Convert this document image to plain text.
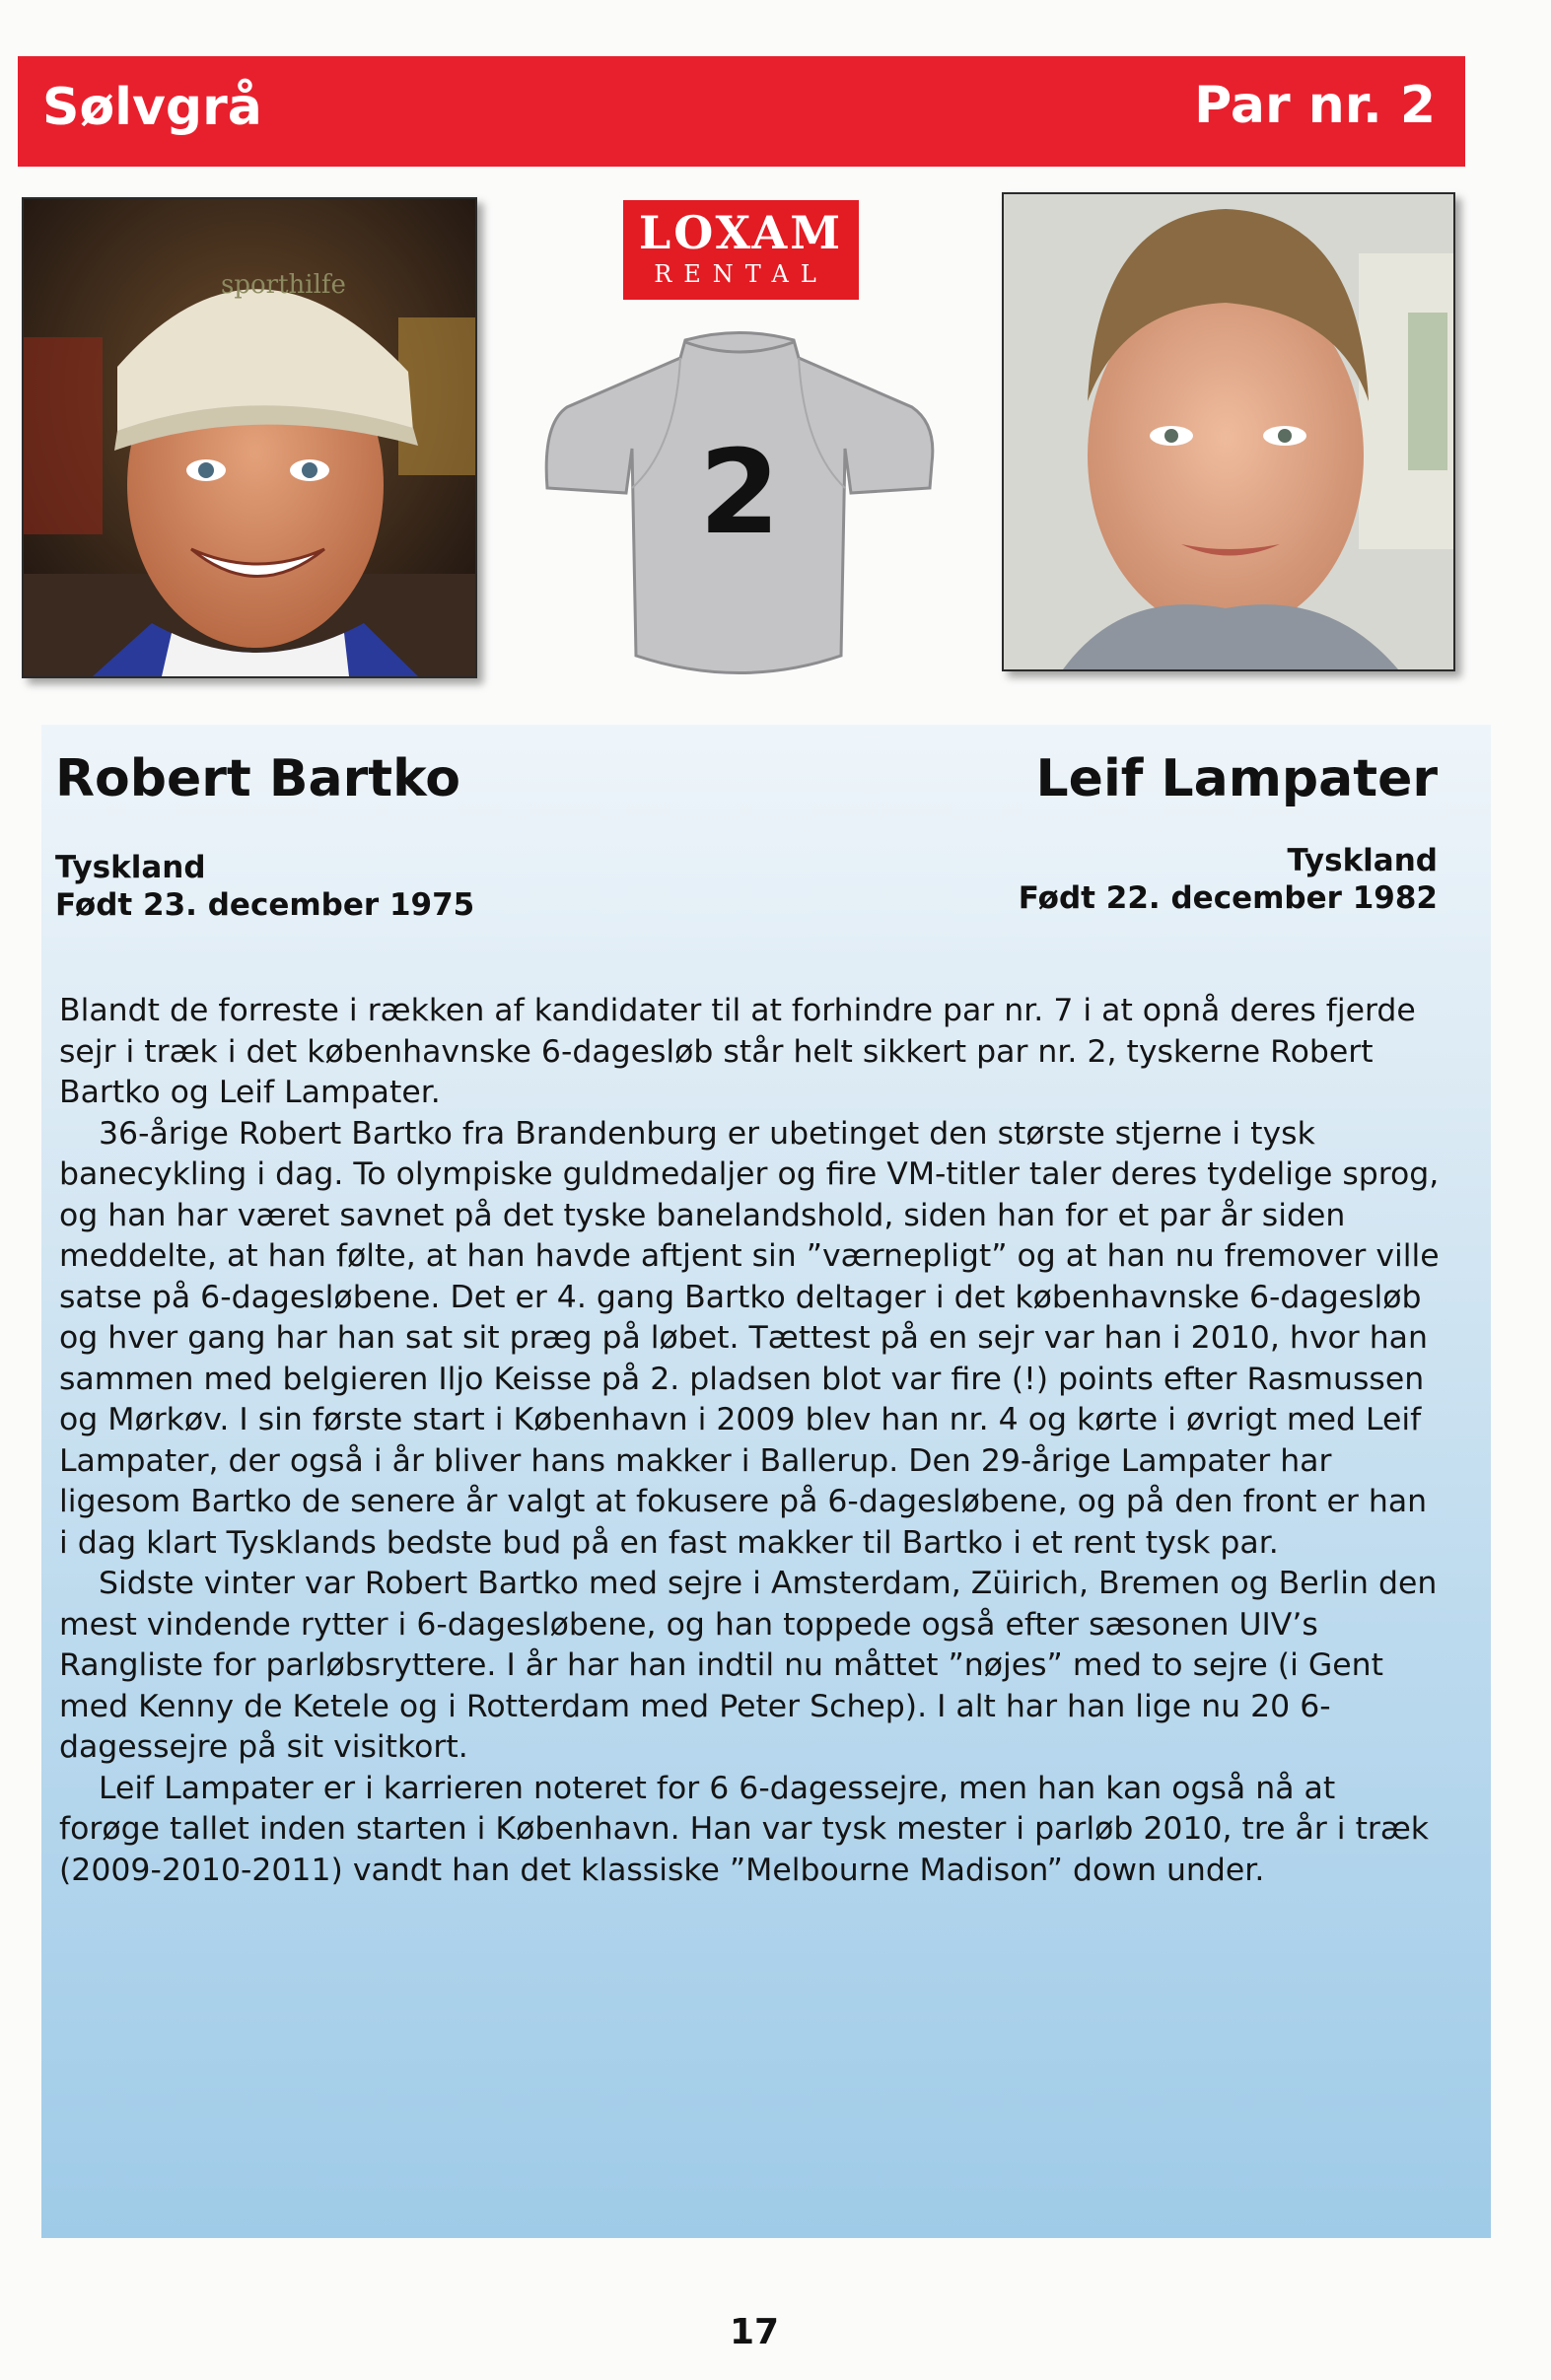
Sølvgrå	Par nr. 2
sporthilfe
LOXAM
RENTAL
2
Robert Bartko
Tyskland
Født 23. december 1975
Leif Lampater
Tyskland
Født 22. december 1982

Blandt de forreste i rækken af kandidater til at forhindre par nr. 7 i at opnå deres fjerde sejr i træk i det københavnske 6-dagesløb står helt sikkert par nr. 2, tyskerne Robert Bartko og Leif Lampater.

36-årige Robert Bartko fra Brandenburg er ubetinget den største stjerne i tysk banecykling i dag. To olympiske guldmedaljer og fire VM-titler taler deres tydelige sprog, og han har været savnet på det tyske banelandshold, siden han for et par år siden meddelte, at han følte, at han havde aftjent sin ”værnepligt” og at han nu fremover ville satse på 6-dagesløbene. Det er 4. gang Bartko deltager i det københavnske 6-dagesløb og hver gang har han sat sit præg på løbet. Tættest på en sejr var han i 2010, hvor han sammen med belgieren Iljo Keisse på 2. pladsen blot var fire (!) points efter Rasmussen og Mørkøv. I sin første start i København i 2009 blev han nr. 4 og kørte i øvrigt med Leif Lampater, der også i år bliver hans makker i Ballerup. Den 29-årige Lampater har ligesom Bartko de senere år valgt at fokusere på 6-dagesløbene, og på den front er han i dag klart Tysklands bedste bud på en fast makker til Bartko i et rent tysk par.

Sidste vinter var Robert Bartko med sejre i Amsterdam, Züirich, Bremen og Berlin den mest vindende rytter i 6-dagesløbene, og han toppede også efter sæsonen UIV’s Rangliste for parløbsryttere. I år har han indtil nu måttet ”nøjes” med to sejre (i Gent med Kenny de Ketele og i Rotterdam med Peter Schep). I alt har han lige nu 20 6-dagessejre på sit visitkort.

Leif Lampater er i karrieren noteret for 6 6-dagessejre, men han kan også nå at forøge tallet inden starten i København. Han var tysk mester i parløb 2010, tre år i træk (2009-2010-2011) vandt han det klassiske ”Melbourne Madison” down under.

17
